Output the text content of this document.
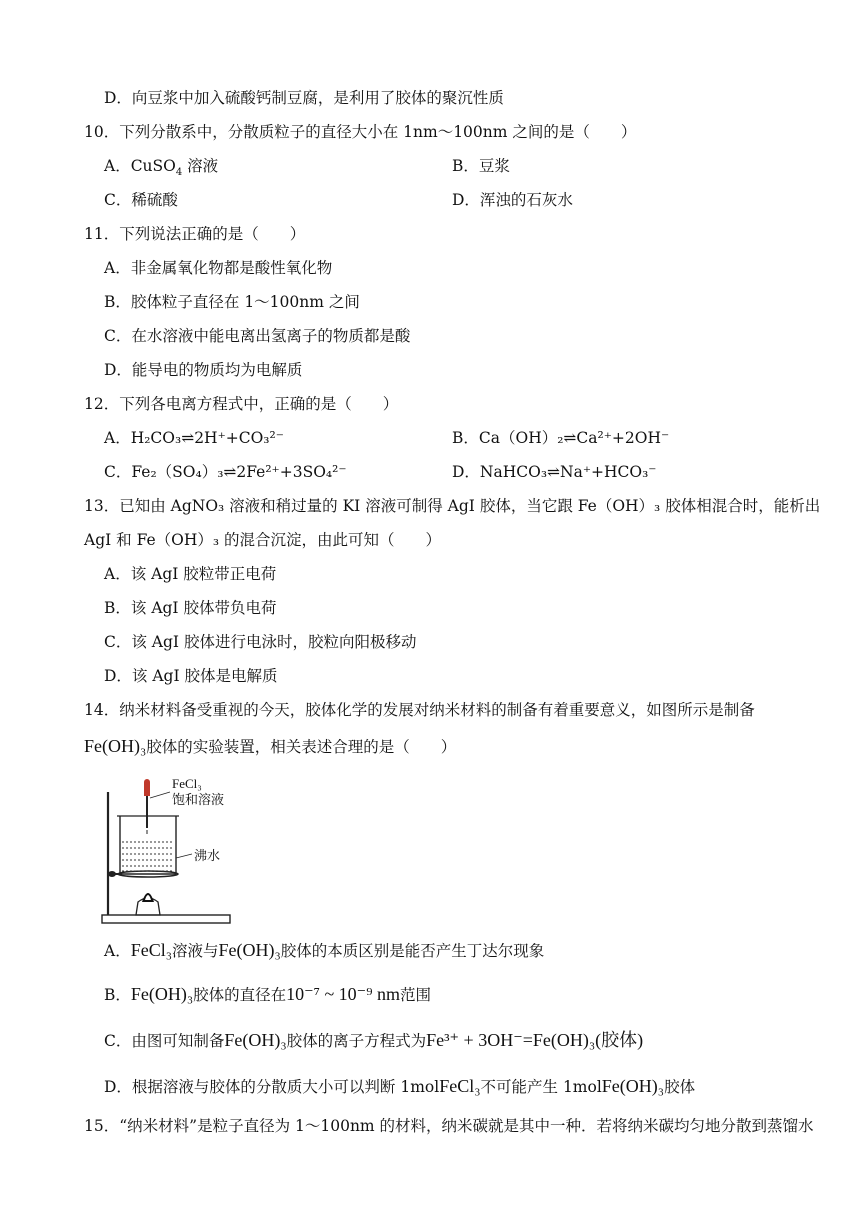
D．向豆浆中加入硫酸钙制豆腐，是利用了胶体的聚沉性质
10．下列分散系中，分散质粒子的直径大小在 1nm～100nm 之间的是（　　）
A．CuSO$_4$ 溶液	B．豆浆
C．稀硫酸	D．浑浊的石灰水
11．下列说法正确的是（　　）
A．非金属氧化物都是酸性氧化物
B．胶体粒子直径在 1～100nm 之间
C．在水溶液中能电离出氢离子的物质都是酸
D．能导电的物质均为电解质
12．下列各电离方程式中，正确的是（　　）
A．H₂CO₃⇌2H⁺+CO₃²⁻	B．Ca（OH）₂⇌Ca²⁺+2OH⁻
C．Fe₂（SO₄）₃⇌2Fe²⁺+3SO₄²⁻	D．NaHCO₃⇌Na⁺+HCO₃⁻
13．已知由 AgNO₃ 溶液和稍过量的 KI 溶液可制得 AgI 胶体，当它跟 Fe（OH）₃ 胶体相混合时，能析出
AgI 和 Fe（OH）₃ 的混合沉淀，由此可知（　　）
A．该 AgI 胶粒带正电荷
B．该 AgI 胶体带负电荷
C．该 AgI 胶体进行电泳时，胶粒向阳极移动
D．该 AgI 胶体是电解质
14．纳米材料备受重视的今天，胶体化学的发展对纳米材料的制备有着重要意义，如图所示是制备
Fe(OH)₃胶体的实验装置，相关表述合理的是（　　）
FeCl₃
饱和溶液
沸水
A．FeCl₃溶液与Fe(OH)₃胶体的本质区别是能否产生丁达尔现象
B．Fe(OH)₃胶体的直径在10⁻⁷ ~ 10⁻⁹ nm范围
C．由图可知制备Fe(OH)₃胶体的离子方程式为Fe³⁺ + 3OH⁻=Fe(OH)₃(胶体)
D．根据溶液与胶体的分散质大小可以判断 1molFeCl₃不可能产生 1molFe(OH)₃胶体
15．“纳米材料”是粒子直径为 1～100nm 的材料，纳米碳就是其中一种．若将纳米碳均匀地分散到蒸馏水
